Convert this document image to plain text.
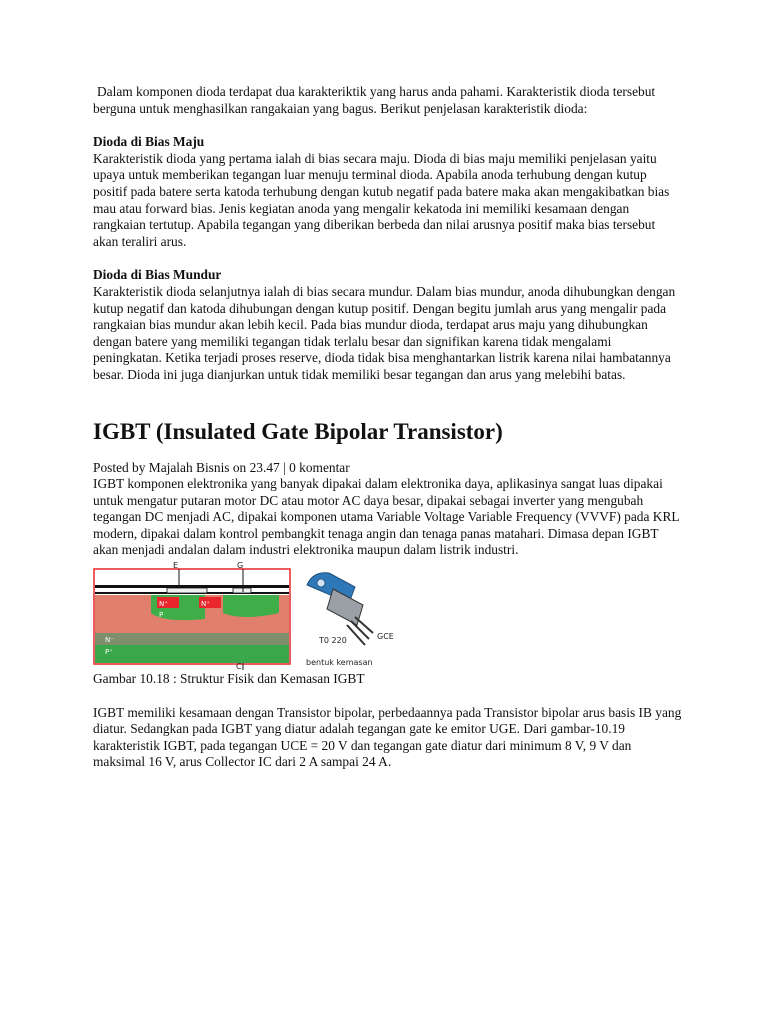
Dalam komponen dioda terdapat dua karakteriktik yang harus anda pahami. Karakteristik dioda tersebut berguna untuk menghasilkan rangakaian yang bagus. Berikut penjelasan karakteristik dioda:

Dioda di Bias Maju

Karakteristik dioda yang pertama ialah di bias secara maju. Dioda di bias maju memiliki penjelasan yaitu upaya untuk memberikan tegangan luar menuju terminal dioda. Apabila anoda terhubung dengan kutup positif pada batere serta katoda terhubung dengan kutub negatif pada batere maka akan mengakibatkan bias mau atau forward bias. Jenis kegiatan anoda yang mengalir kekatoda ini memiliki kesamaan dengan rangkaian tertutup. Apabila tegangan yang diberikan berbeda dan nilai arusnya positif maka bias tersebut akan teraliri arus.

Dioda di Bias Mundur

Karakteristik dioda selanjutnya ialah di bias secara mundur. Dalam bias mundur, anoda dihubungkan dengan kutup negatif dan katoda dihubungan dengan kutup positif. Dengan begitu jumlah arus yang mengalir pada rangkaian bias mundur akan lebih kecil. Pada bias mundur dioda, terdapat arus maju yang dihubungkan dengan batere yang memiliki tegangan tidak terlalu besar dan signifikan karena tidak mengalami peningkatan. Ketika terjadi proses reserve, dioda tidak bisa menghantarkan listrik karena nilai hambatannya besar. Dioda ini juga dianjurkan untuk tidak memiliki besar tegangan dan arus yang melebihi batas.

IGBT (Insulated Gate Bipolar Transistor)

Posted by Majalah Bisnis on 23.47 | 0 komentar

IGBT komponen elektronika yang banyak dipakai dalam elektronika daya, aplikasinya sangat luas dipakai untuk mengatur putaran motor DC atau motor AC daya besar, dipakai sebagai inverter yang mengubah tegangan DC menjadi AC, dipakai komponen utama Variable Voltage Variable Frequency (VVVF) pada KRL modern, dipakai dalam kontrol pembangkit tenaga angin dan tenaga panas matahari. Dimasa depan IGBT akan menjadi andalan dalam industri elektronika maupun dalam listrik industri.

E	G
C
N⁺	N⁺
P
N⁻
P⁺
GCE
T0 220
bentuk kemasan

Gambar 10.18 : Struktur Fisik dan Kemasan IGBT

IGBT memiliki kesamaan dengan Transistor bipolar, perbedaannya pada Transistor bipolar arus basis IB yang diatur. Sedangkan pada IGBT yang diatur adalah tegangan gate ke emitor UGE. Dari gambar-10.19 karakteristik IGBT, pada tegangan UCE = 20 V dan tegangan gate diatur dari minimum 8 V, 9 V dan maksimal 16 V, arus Collector IC dari 2 A sampai 24 A.
